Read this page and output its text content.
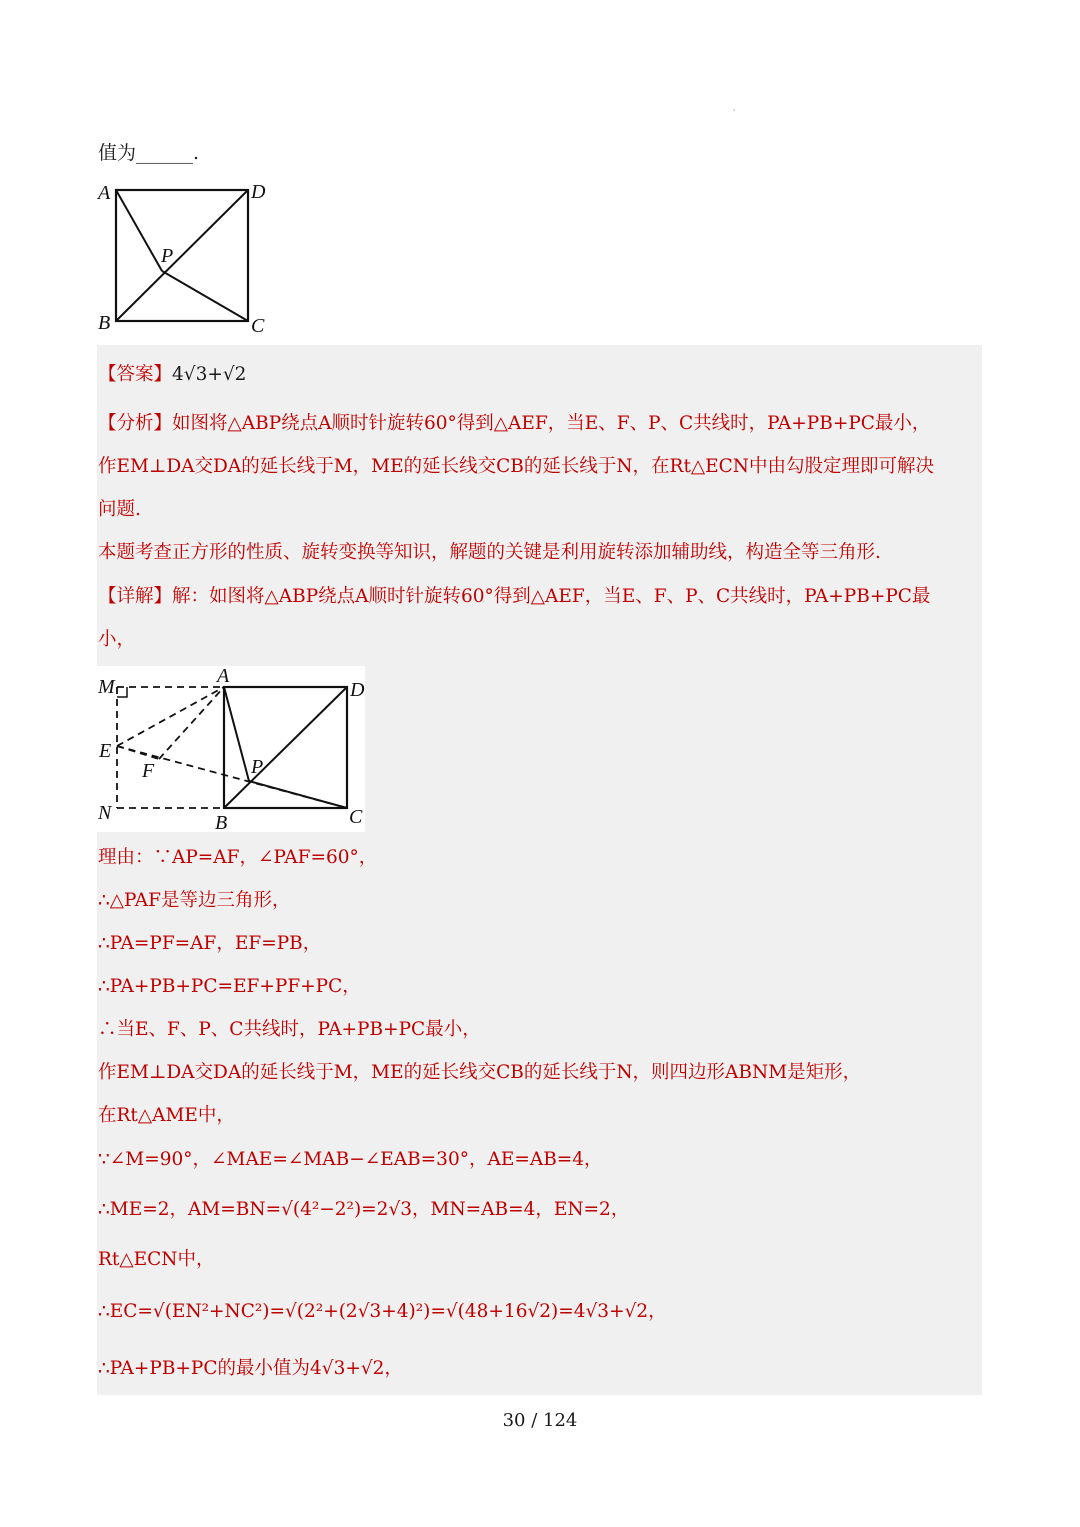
'
值为______.
A	D
P
B	C
【答案】4√3+√2
【分析】如图将△ABP绕点A顺时针旋转60°得到△AEF，当E、F、P、C共线时，PA+PB+PC最小，
作EM⊥DA交DA的延长线于M，ME的延长线交CB的延长线于N，在Rt△ECN中由勾股定理即可解决
问题.
本题考查正方形的性质、旋转变换等知识，解题的关键是利用旋转添加辅助线，构造全等三角形.
【详解】解：如图将△ABP绕点A顺时针旋转60°得到△AEF，当E、F、P、C共线时，PA+PB+PC最
小，
M	A
D
E
F	P
N	B	C
理由：∵AP=AF，∠PAF=60°，
∴△PAF是等边三角形，
∴PA=PF=AF，EF=PB，
∴PA+PB+PC=EF+PF+PC，
∴当E、F、P、C共线时，PA+PB+PC最小，
作EM⊥DA交DA的延长线于M，ME的延长线交CB的延长线于N，则四边形ABNM是矩形，
在Rt△AME中，
∵∠M=90°，∠MAE=∠MAB−∠EAB=30°，AE=AB=4，
∴ME=2，AM=BN=√(4²−2²)=2√3，MN=AB=4，EN=2，
Rt△ECN中，
∴EC=√(EN²+NC²)=√(2²+(2√3+4)²)=√(48+16√2)=4√3+√2，
∴PA+PB+PC的最小值为4√3+√2，
30 / 124
